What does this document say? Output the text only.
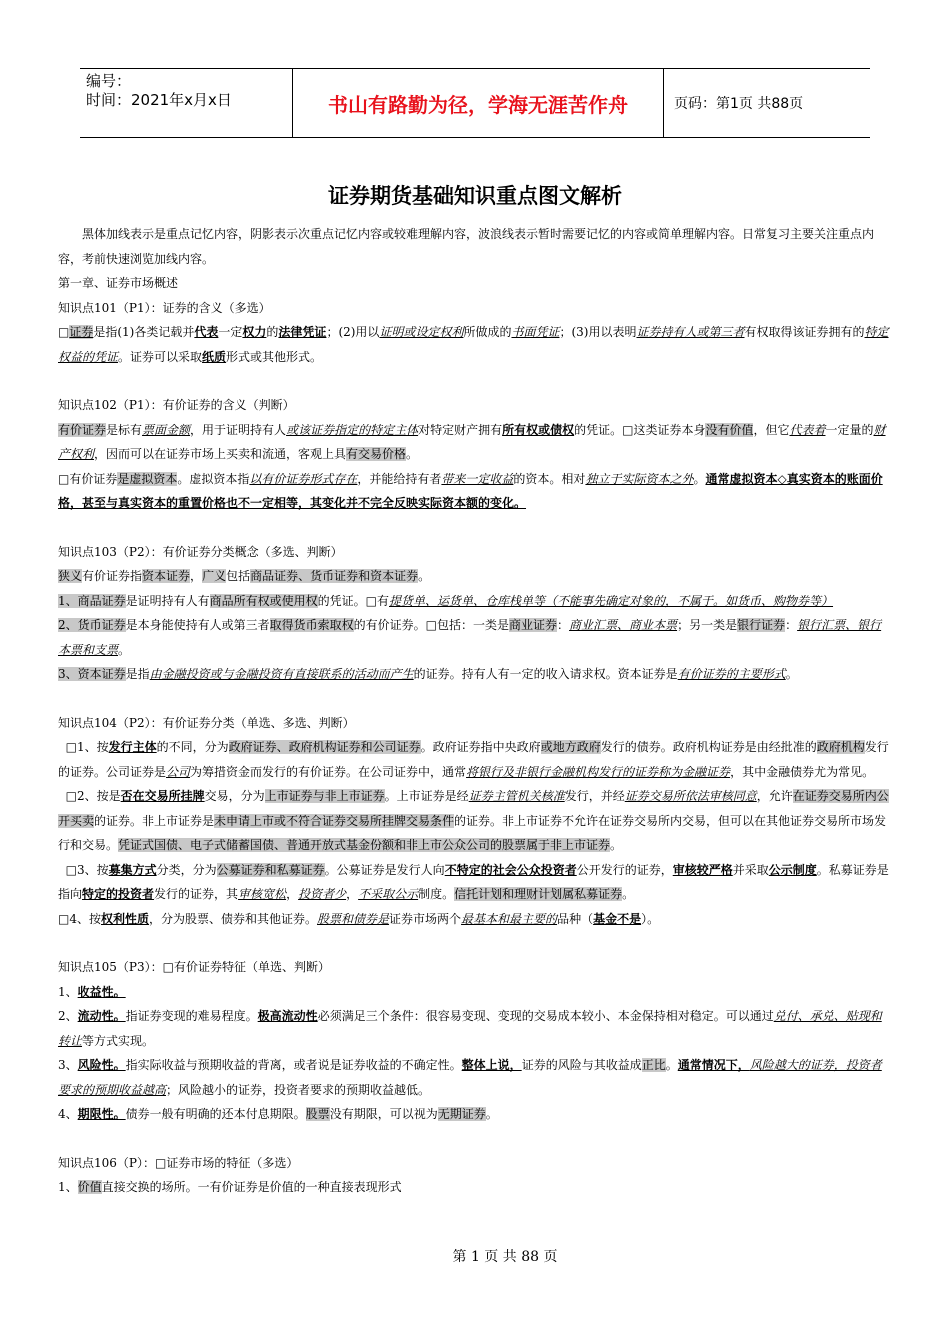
编号：
时间：2021年x月x日	书山有路勤为径，学海无涯苦作舟	页码：第1页 共88页
证券期货基础知识重点图文解析

黑体加线表示是重点记忆内容，阴影表示次重点记忆内容或较难理解内容，波浪线表示暂时需要记忆的内容或简单理解内容。日常复习主要关注重点内容，考前快速浏览加线内容。

第一章、证券市场概述

知识点101（P1）：证券的含义（多选）

□证券是指(1)各类记载并代表一定权力的法律凭证；(2)用以证明或设定权利所做成的书面凭证；(3)用以表明证券持有人或第三者有权取得该证券拥有的特定权益的凭证。证券可以采取纸质形式或其他形式。

知识点102（P1）：有价证券的含义（判断）

有价证券是标有票面金额，用于证明持有人或该证券指定的特定主体对特定财产拥有所有权或债权的凭证。□这类证券本身没有价值，但它代表着一定量的财产权利，因而可以在证券市场上买卖和流通，客观上具有交易价格。

□有价证券是虚拟资本。虚拟资本指以有价证券形式存在，并能给持有者带来一定收益的资本。相对独立于实际资本之外。通常虚拟资本◇真实资本的账面价格，甚至与真实资本的重置价格也不一定相等，其变化并不完全反映实际资本额的变化。

知识点103（P2）：有价证券分类概念（多选、判断）

狭义有价证券指资本证券，广义包括商品证券、货币证券和资本证券。

1、商品证券是证明持有人有商品所有权或使用权的凭证。□有提货单、运货单、仓库栈单等（不能事先确定对象的，不属于。如货币、购物券等）

2、货币证券是本身能使持有人或第三者取得货币索取权的有价证券。□包括：一类是商业证券：商业汇票、商业本票；另一类是银行证券：银行汇票、银行本票和支票。

3、资本证券是指由金融投资或与金融投资有直接联系的活动而产生的证券。持有人有一定的收入请求权。资本证券是有价证券的主要形式。

知识点104（P2）：有价证券分类（单选、多选、判断）

□1、按发行主体的不同，分为政府证券、政府机构证券和公司证券。政府证券指中央政府或地方政府发行的债券。政府机构证券是由经批准的政府机构发行的证券。公司证券是公司为筹措资金而发行的有价证券。在公司证券中，通常将银行及非银行金融机构发行的证券称为金融证券，其中金融债券尤为常见。

□2、按是否在交易所挂牌交易，分为上市证券与非上市证券。上市证券是经证券主管机关核准发行，并经证券交易所依法审核同意，允许在证券交易所内公开买卖的证券。非上市证券是未申请上市或不符合证券交易所挂牌交易条件的证券。非上市证券不允许在证券交易所内交易，但可以在其他证券交易所市场发行和交易。凭证式国债、电子式储蓄国债、普通开放式基金份额和非上市公众公司的股票属于非上市证券。

□3、按募集方式分类，分为公募证券和私募证券。公募证券是发行人向不特定的社会公众投资者公开发行的证券，审核较严格并采取公示制度。私募证券是指向特定的投资者发行的证券，其审核宽松，投资者少，不采取公示制度。信托计划和理财计划属私募证券。

□4、按权利性质，分为股票、债券和其他证券。股票和债券是证券市场两个最基本和最主要的品种（基金不是）。

知识点105（P3）：□有价证券特征（单选、判断）

1、收益性。

2、流动性。指证券变现的难易程度。极高流动性必须满足三个条件：很容易变现、变现的交易成本较小、本金保持相对稳定。可以通过兑付、承兑、贴现和转让等方式实现。

3、风险性。指实际收益与预期收益的背离，或者说是证券收益的不确定性。整体上说，证券的风险与其收益成正比。通常情况下，风险越大的证券，投资者要求的预期收益越高；风险越小的证券，投资者要求的预期收益越低。

4、期限性。债券一般有明确的还本付息期限。股票没有期限，可以视为无期证券。

知识点106（P）：□证券市场的特征（多选）

1、价值直接交换的场所。一有价证券是价值的一种直接表现形式

第 1 页 共 88 页
